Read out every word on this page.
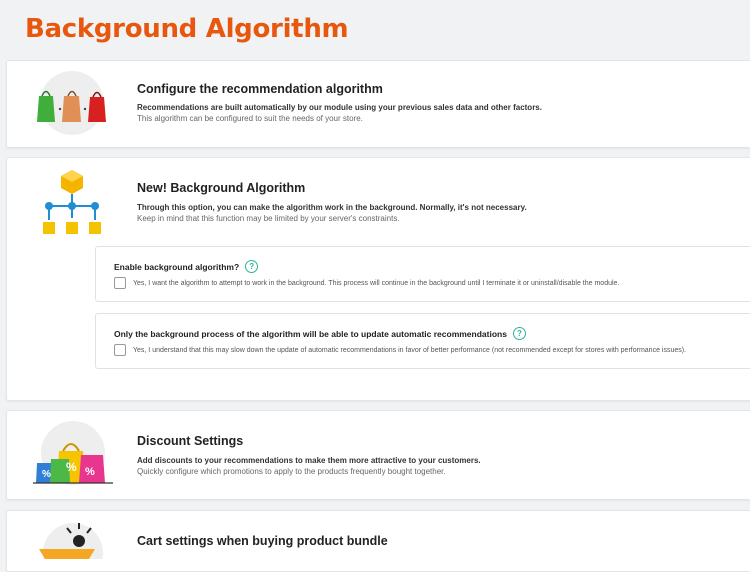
Background Algorithm
Configure the recommendation algorithm
Recommendations are built automatically by our module using your previous sales data and other factors.
This algorithm can be configured to suit the needs of your store.
New! Background Algorithm
Through this option, you can make the algorithm work in the background. Normally, it's not necessary.
Keep in mind that this function may be limited by your server's constraints.
Enable background algorithm?	?
Yes, I want the algorithm to attempt to work in the background. This process will continue in the background until I terminate it or uninstall/disable the module.
Only the background process of the algorithm will be able to update automatic recommendations	?
Yes, I understand that this may slow down the update of automatic recommendations in favor of better performance (not recommended except for stores with performance issues).
%
% %
Discount Settings
Add discounts to your recommendations to make them more attractive to your customers.
Quickly configure which promotions to apply to the products frequently bought together.
Cart settings when buying product bundle
